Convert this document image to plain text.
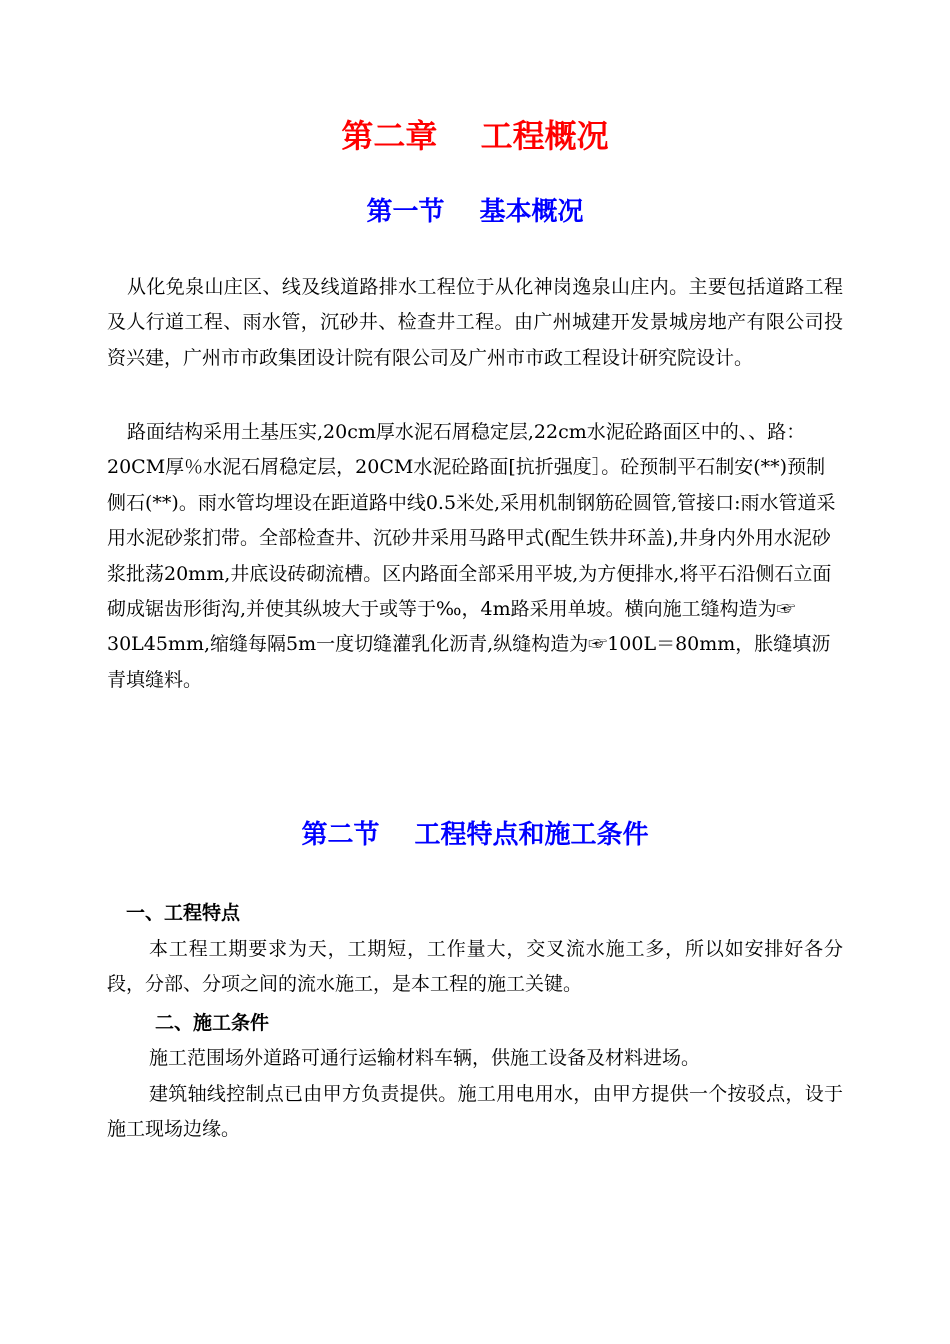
第二章　 工程概况
第一节　 基本概况

从化免泉山庄区、线及线道路排水工程位于从化神岗逸泉山庄内。主要包括道路工程及人行道工程、雨水管，沉砂井、检查井工程。由广州城建开发景城房地产有限公司投资兴建，广州市市政集团设计院有限公司及广州市市政工程设计研究院设计。

路面结构采用土基压实,20cm厚水泥石屑稳定层,22cm水泥砼路面区中的、、路：20CM厚％水泥石屑稳定层，20CM水泥砼路面[抗折强度］。砼预制平石制安(**)预制侧石(**)。雨水管均埋设在距道路中线0.5米处,采用机制钢筋砼圆管,管接口:雨水管道采用水泥砂浆扪带。全部检查井、沉砂井采用马路甲式(配生铁井环盖),井身内外用水泥砂浆批荡20mm,井底设砖砌流槽。区内路面全部采用平坡,为方便排水,将平石沿侧石立面砌成锯齿形街沟,并使其纵坡大于或等于‰，4m路采用单坡。横向施工缝构造为☞30L45mm,缩缝每隔5m一度切缝灌乳化沥青,纵缝构造为☞100L＝80mm，胀缝填沥青填缝料。

第二节　 工程特点和施工条件
一、工程特点

本工程工期要求为天，工期短，工作量大，交叉流水施工多，所以如安排好各分段，分部、分项之间的流水施工，是本工程的施工关键。

二、施工条件

施工范围场外道路可通行运输材料车辆，供施工设备及材料进场。

建筑轴线控制点已由甲方负责提供。施工用电用水，由甲方提供一个按驳点，设于施工现场边缘。
